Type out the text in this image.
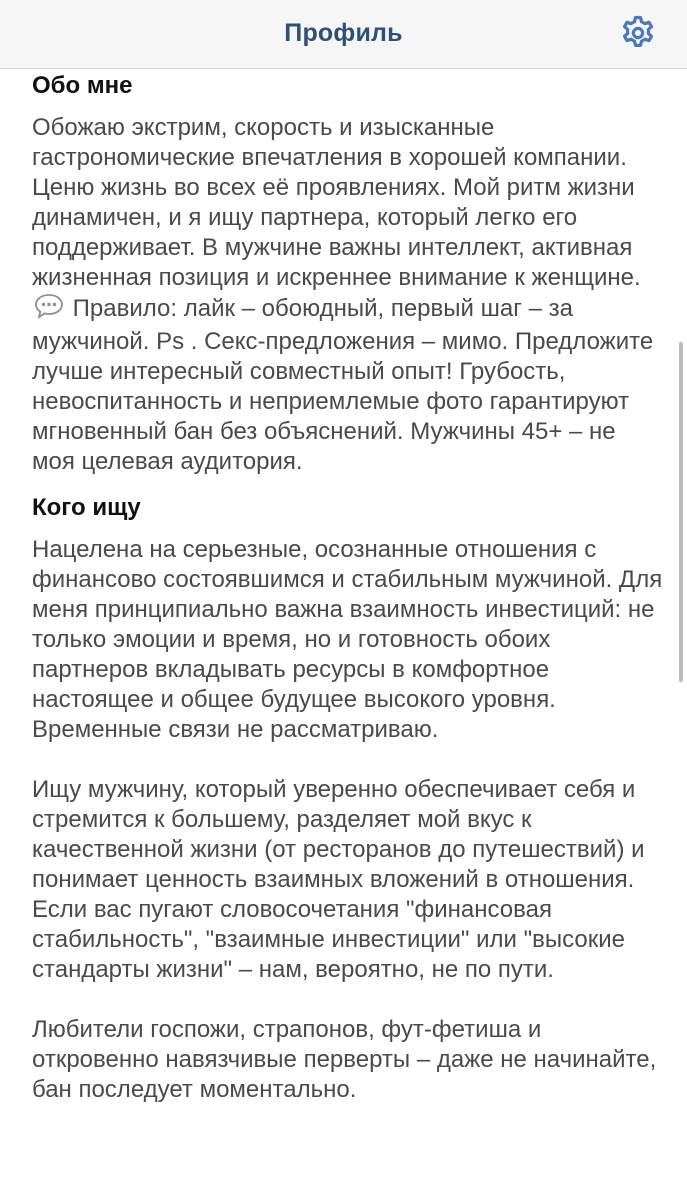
Профиль
Обо мне

Обожаю экстрим, скорость и изысканные гастрономические впечатления в хорошей компании. Ценю жизнь во всех её проявлениях. Мой ритм жизни динамичен, и я ищу партнера, который легко его поддерживает. В мужчине важны интеллект, активная жизненная позиция и искреннее внимание к женщине.  Правило: лайк – обоюдный, первый шаг – за мужчиной. Ps . Секс-предложения – мимо. Предложите лучше интересный совместный опыт! Грубость, невоспитанность и неприемлемые фото гарантируют мгновенный бан без объяснений. Мужчины 45+ – не моя целевая аудитория.

Кого ищу

Нацелена на серьезные, осознанные отношения с финансово состоявшимся и стабильным мужчиной. Для меня принципиально важна взаимность инвестиций: не только эмоции и время, но и готовность обоих партнеров вкладывать ресурсы в комфортное настоящее и общее будущее высокого уровня. Временные связи не рассматриваю.
Ищу мужчину, который уверенно обеспечивает себя и стремится к большему, разделяет мой вкус к качественной жизни (от ресторанов до путешествий) и понимает ценность взаимных вложений в отношения.
Если вас пугают словосочетания "финансовая стабильность", "взаимные инвестиции" или "высокие стандарты жизни" – нам, вероятно, не по пути.
Любители госпожи, страпонов, фут-фетиша и откровенно навязчивые перверты – даже не начинайте, бан последует моментально.
